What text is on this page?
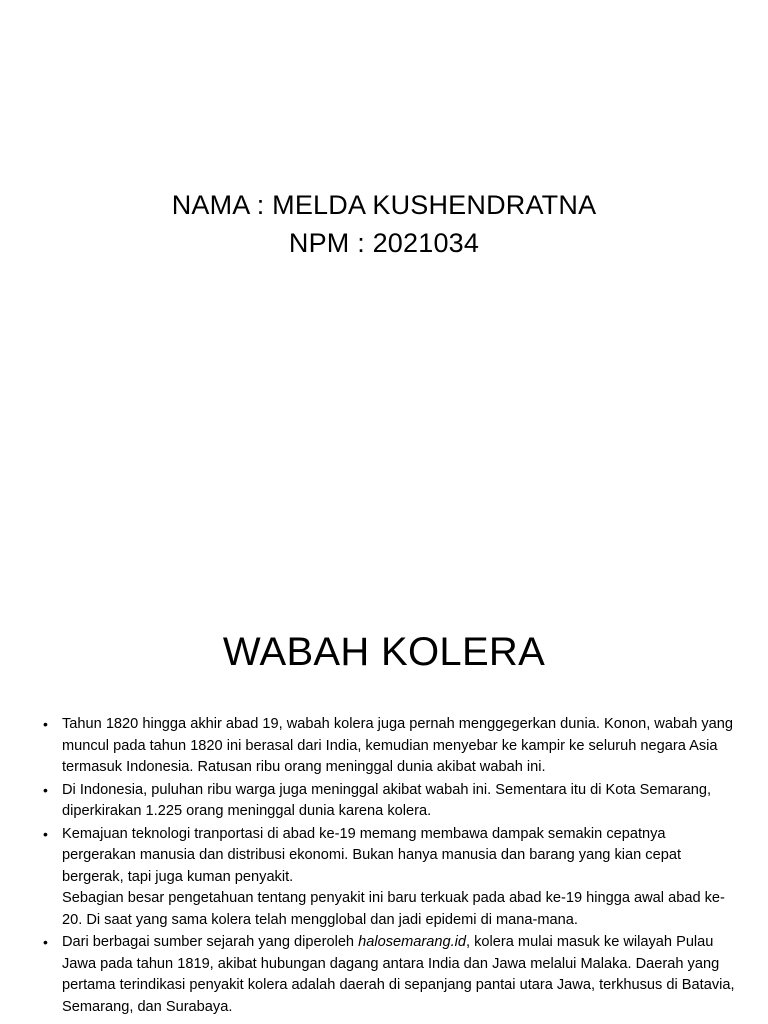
NAMA : MELDA KUSHENDRATNA
NPM : 2021034
WABAH KOLERA
• Tahun 1820 hingga akhir abad 19, wabah kolera juga pernah menggegerkan dunia. Konon, wabah yang muncul pada tahun 1820 ini berasal dari India, kemudian menyebar ke kampir ke seluruh negara Asia termasuk Indonesia. Ratusan ribu orang meninggal dunia akibat wabah ini.

• Di Indonesia, puluhan ribu warga juga meninggal akibat wabah ini. Sementara itu di Kota Semarang, diperkirakan 1.225 orang meninggal dunia karena kolera.

• Kemajuan teknologi tranportasi di abad ke-19 memang membawa dampak semakin cepatnya pergerakan manusia dan distribusi ekonomi. Bukan hanya manusia dan barang yang kian cepat bergerak, tapi juga kuman penyakit.

Sebagian besar pengetahuan tentang penyakit ini baru terkuak pada abad ke-19 hingga awal abad ke-20. Di saat yang sama kolera telah mengglobal dan jadi epidemi di mana-mana.

• Dari berbagai sumber sejarah yang diperoleh halosemarang.id, kolera mulai masuk ke wilayah Pulau Jawa pada tahun 1819, akibat hubungan dagang antara India dan Jawa melalui Malaka. Daerah yang pertama terindikasi penyakit kolera adalah daerah di sepanjang pantai utara Jawa, terkhusus di Batavia, Semarang, dan Surabaya.
